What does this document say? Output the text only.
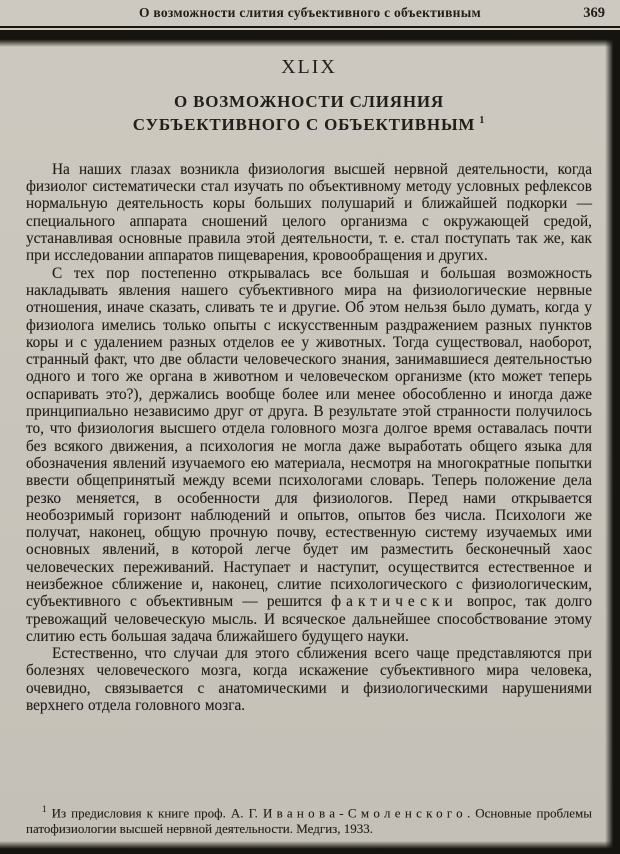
О возможности слития субъективного с объективным	369
XLIX
О ВОЗМОЖНОСТИ СЛИЯНИЯ
СУБЪЕКТИВНОГО С ОБЪЕКТИВНЫМ $^1$

На наших глазах возникла физиология высшей нервной деятельности, когда физиолог систематически стал изучать по объективному методу условных рефлексов нормальную деятельность коры больших полушарий и ближайшей подкорки — специального аппарата сношений целого организма с окружающей средой, устанавливая основные правила этой деятельности, т. е. стал поступать так же, как при исследовании аппаратов пищеварения, кровообращения и других.

С тех пор постепенно открывалась все большая и большая возможность накладывать явления нашего субъективного мира на физиологические нервные отношения, иначе сказать, сливать те и другие. Об этом нельзя было думать, когда у физиолога имелись только опыты с искусственным раздражением разных пунктов коры и с удалением разных отделов ее у животных. Тогда существовал, наоборот, странный факт, что две области человеческого знания, занимавшиеся деятельностью одного и того же органа в животном и человеческом организме (кто может теперь оспаривать это?), держались вообще более или менее обособленно и иногда даже принципиально независимо друг от друга. В результате этой странности получилось то, что физиология высшего отдела головного мозга долгое время оставалась почти без всякого движения, а психология не могла даже выработать общего языка для обозначения явлений изучаемого ею материала, несмотря на многократные попытки ввести общепринятый между всеми психологами словарь. Теперь положение дела резко меняется, в особенности для физиологов. Перед нами открывается необозримый горизонт наблюдений и опытов, опытов без числа. Психологи же получат, наконец, общую прочную почву, естественную систему изучаемых ими основных явлений, в которой легче будет им разместить бесконечный хаос человеческих переживаний. Наступает и наступит, осуществится естественное и неизбежное сближение и, наконец, слитие психологического с физиологическим, субъективного с объективным — решится фактически вопрос, так долго тревожащий человеческую мысль. И всяческое дальнейшее способствование этому слитию есть большая задача ближайшего будущего науки.

Естественно, что случаи для этого сближения всего чаще представляются при болезнях человеческого мозга, когда искажение субъективного мира человека, очевидно, связывается с анатомическими и физиологическими нарушениями верхнего отдела головного мозга.

$^1$ Из предисловия к книге проф. А. Г. Иванова-Смоленского. Основные проблемы патофизиологии высшей нервной деятельности. Медгиз, 1933.
